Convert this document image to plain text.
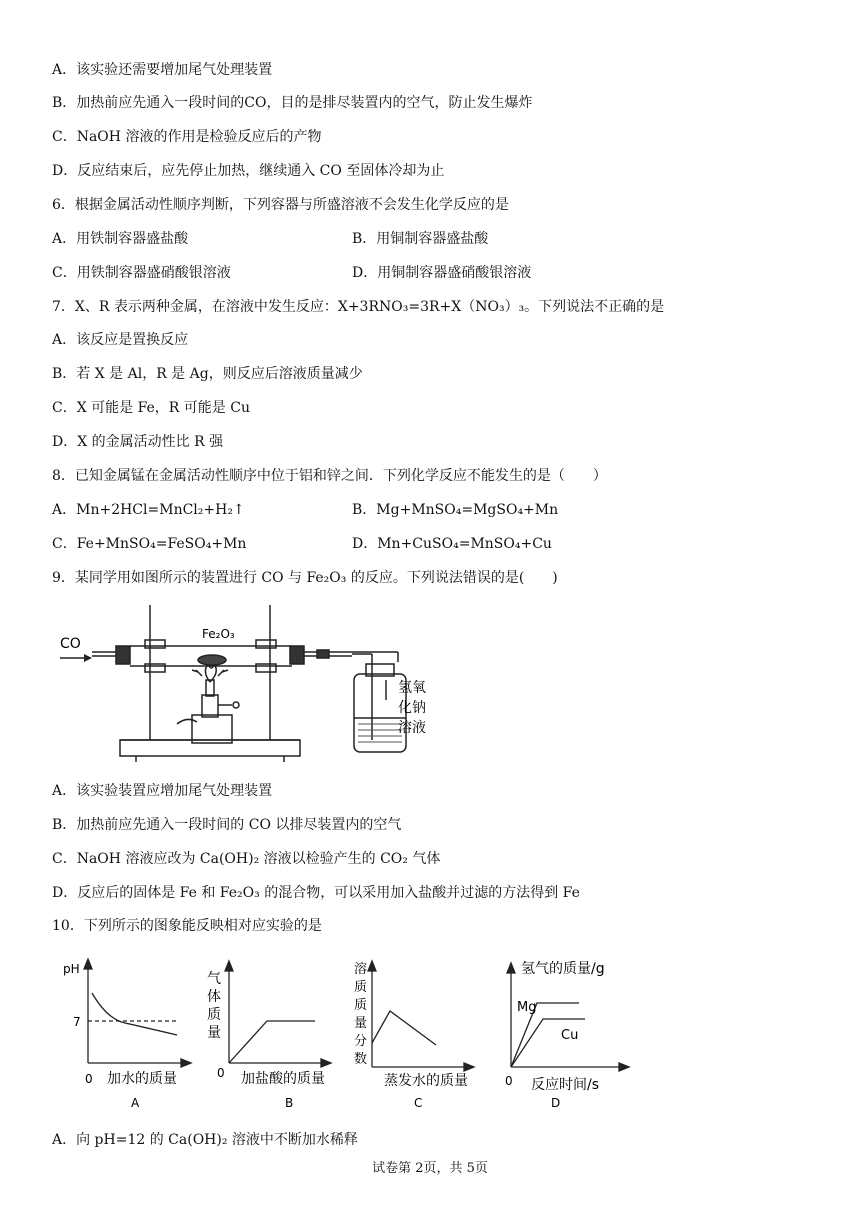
A．该实验还需要增加尾气处理装置
B．加热前应先通入一段时间的CO，目的是排尽装置内的空气，防止发生爆炸
C．NaOH 溶液的作用是检验反应后的产物
D．反应结束后，应先停止加热，继续通入 CO 至固体冷却为止
6．根据金属活动性顺序判断，下列容器与所盛溶液不会发生化学反应的是
A．用铁制容器盛盐酸	B．用铜制容器盛盐酸
C．用铁制容器盛硝酸银溶液	D．用铜制容器盛硝酸银溶液
7．X、R 表示两种金属，在溶液中发生反应：X+3RNO₃=3R+X（NO₃）₃。下列说法不正确的是
A．该反应是置换反应
B．若 X 是 Al，R 是 Ag，则反应后溶液质量减少
C．X 可能是 Fe，R 可能是 Cu
D．X 的金属活动性比 R 强
8．已知金属锰在金属活动性顺序中位于铝和锌之间．下列化学反应不能发生的是（　　）
A．Mn+2HCl=MnCl₂+H₂↑	B．Mg+MnSO₄=MgSO₄+Mn
C．Fe+MnSO₄=FeSO₄+Mn	D．Mn+CuSO₄=MnSO₄+Cu
9．某同学用如图所示的装置进行 CO 与 Fe₂O₃ 的反应。下列说法错误的是(　　)
CO
Fe₂O₃
氢氧
化钠
溶液
A．该实验装置应增加尾气处理装置
B．加热前应先通入一段时间的 CO 以排尽装置内的空气
C．NaOH 溶液应改为 Ca(OH)₂ 溶液以检验产生的 CO₂ 气体
D．反应后的固体是 Fe 和 Fe₂O₃ 的混合物，可以采用加入盐酸并过滤的方法得到 Fe
10．下列所示的图象能反映相对应实验的是
pH
7
0 加水的质量
A
气
体
质
量
0 加盐酸的质量
B
溶
质
质
量
分
数
蒸发水的质量
C
氢气的质量/g
Mg
Cu
0 反应时间/s
D
A．向 pH=12 的 Ca(OH)₂ 溶液中不断加水稀释
试卷第 2页，共 5页
